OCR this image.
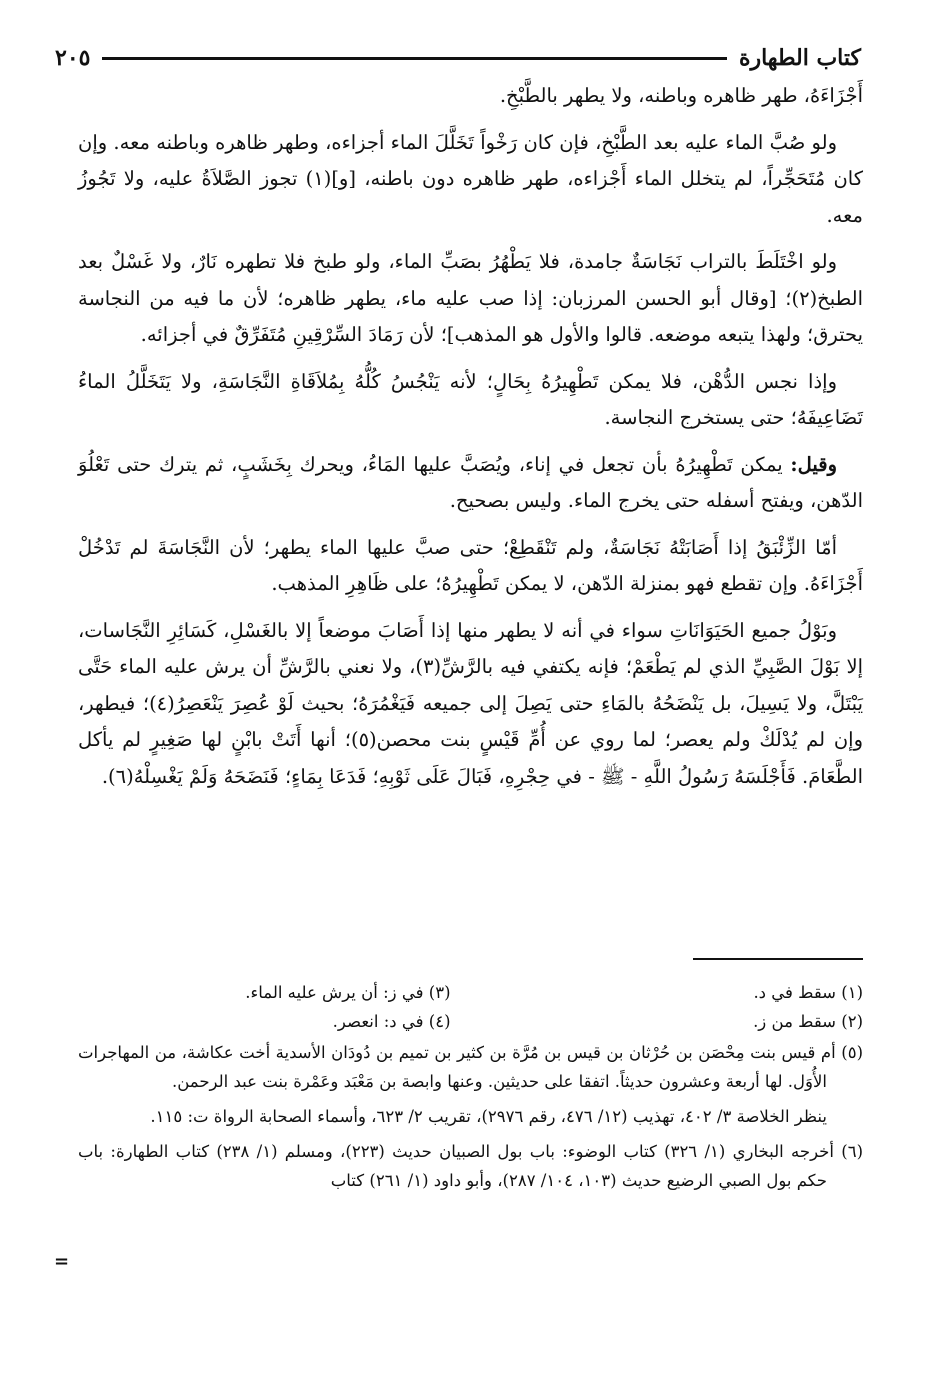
كتاب الطهارة
٢٠٥

أَجْزَاءَهُ، طهر ظاهره وباطنه، ولا يطهر بالطَّبْخِ.

ولو صُبَّ الماء عليه بعد الطَّبْخِ، فإن كان رَخْواً تَخَلَّلَ الماء أجزاءه، وطهر ظاهره وباطنه معه. وإن كان مُتَحَجِّراً، لم يتخلل الماء أَجْزاءه، طهر ظاهره دون باطنه، [و](١) تجوز الصَّلاَةُ عليه، ولا تَجُوزُ معه.

ولو اخْتَلَطَ بالتراب نَجَاسَةٌ جامدة، فلا يَطْهُرُ بصَبِّ الماء، ولو طبخ فلا تطهره نَارٌ، ولا غَسْلٌ بعد الطبخ(٢)؛ [وقال أبو الحسن المرزبان: إذا صب عليه ماء، يطهر ظاهره؛ لأن ما فيه من النجاسة يحترق؛ ولهذا يتبعه موضعه. قالوا والأول هو المذهب]؛ لأن رَمَادَ السِّرْقِينِ مُتَفَرِّقٌ في أجزائه.

وإذا نجس الدُّهْن، فلا يمكن تَطْهِيرُهُ بِحَالٍ؛ لأنه يَنْجُسُ كُلُّهُ بِمُلاَقَاةِ النَّجَاسَةِ، ولا يَتَخَلَّلُ الماءُ تَضَاعِيفَهُ؛ حتى يستخرج النجاسة.

وقيل: يمكن تَطْهِيرُهُ بأن تجعل في إناء، ويُصَبَّ عليها المَاءُ، ويحرك بِخَشَبٍ، ثم يترك حتى تَعْلُوَ الدّهن، ويفتح أسفله حتى يخرج الماء. وليس بصحيح.

أمّا الزِّئْبَقُ إذا أَصَابَتْهُ نَجَاسَةٌ، ولم تَنْقَطِعْ؛ حتى صبَّ عليها الماء يطهر؛ لأن النَّجَاسَةَ لم تَدْخُلْ أَجْزَاءَهُ. وإن تقطع فهو بمنزلة الدّهن، لا يمكن تَطْهِيرُهُ؛ على ظَاهِرِ المذهب.

وبَوْلُ جميع الحَيَوَانَاتِ سواء في أنه لا يطهر منها إذا أَصَابَ موضعاً إلا بالغَسْلِ، كَسَائِرِ النَّجَاسات، إلا بَوْلَ الصَّبِيِّ الذي لم يَطْعَمْ؛ فإنه يكتفي فيه بالرَّشِّ(٣)، ولا نعني بالرَّشِّ أن يرش عليه الماء حَتَّى يَبْتَلَّ، ولا يَسِيلَ، بل يَنْضَحُهُ بالمَاءِ حتى يَصِلَ إلى جميعه فَيَغْمُرَهُ؛ بحيث لَوْ عُصِرَ يَنْعَصِرُ(٤)؛ فيطهر، وإن لم يُدْلَكْ ولم يعصر؛ لما روي عن أُمِّ قَيْسٍ بنت محصن(٥)؛ أنها أَتَتْ بابْنٍ لها صَغِيرٍ لم يأكل الطَّعَامَ. فَأَجْلَسَهُ رَسُولُ اللَّهِ - ﷺ - في حِجْرِهِ، فَبَالَ عَلَى ثَوْبِهِ؛ فَدَعَا بِمَاءٍ؛ فَنَضَحَهُ وَلَمْ يَغْسِلْهُ(٦).

(١) سقط في د.
(٣) في ز: أن يرش عليه الماء.
(٢) سقط من ز.
(٤) في د: انعصر.

(٥) أم قيس بنت مِحْصَن بن حُرْثان بن قيس بن مُرَّة بن كثير بن تميم بن دُودَان الأسدية أخت عكاشة، من المهاجرات الأُوَل. لها أربعة وعشرون حديثاً. اتفقا على حديثين. وعنها وابصة بن مَعْبَد وعَمْرة بنت عبد الرحمن.

ينظر الخلاصة ٣/ ٤٠٢، تهذيب (١٢/ ٤٧٦، رقم ٢٩٧٦)، تقريب ٢/ ٦٢٣، وأسماء الصحابة الرواة ت: ١١٥.

(٦) أخرجه البخاري (١/ ٣٢٦) كتاب الوضوء: باب بول الصبيان حديث (٢٢٣)، ومسلم (١/ ٢٣٨) كتاب الطهارة: باب حكم بول الصبي الرضيع حديث (١٠٣، ١٠٤/ ٢٨٧)، وأبو داود (١/ ٢٦١) كتاب

=
